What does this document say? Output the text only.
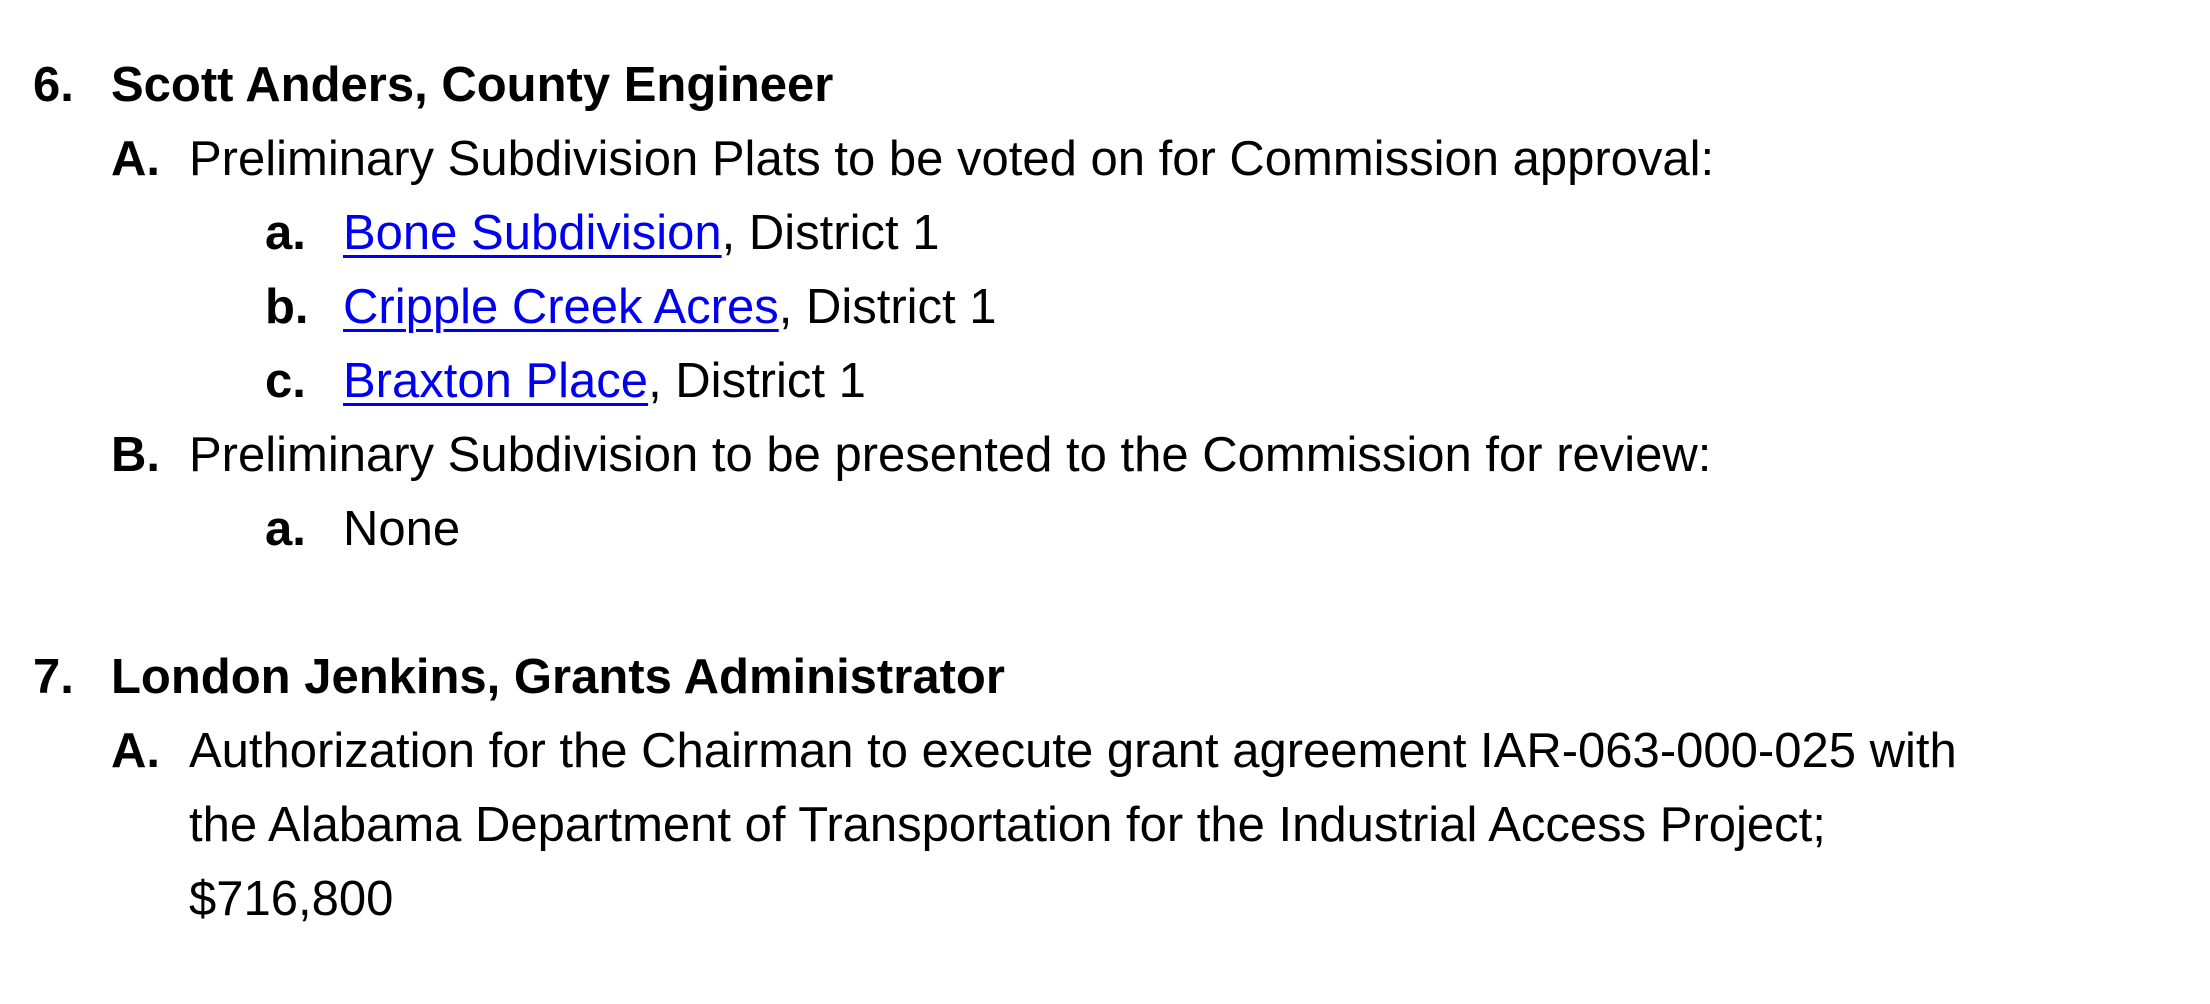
6. Scott Anders, County Engineer
A. Preliminary Subdivision Plats to be voted on for Commission approval:
a. Bone Subdivision, District 1
b. Cripple Creek Acres, District 1
c. Braxton Place, District 1
B. Preliminary Subdivision to be presented to the Commission for review:
a. None
7. London Jenkins, Grants Administrator
A. Authorization for the Chairman to execute grant agreement IAR-063-000-025 with
the Alabama Department of Transportation for the Industrial Access Project;
$716,800
